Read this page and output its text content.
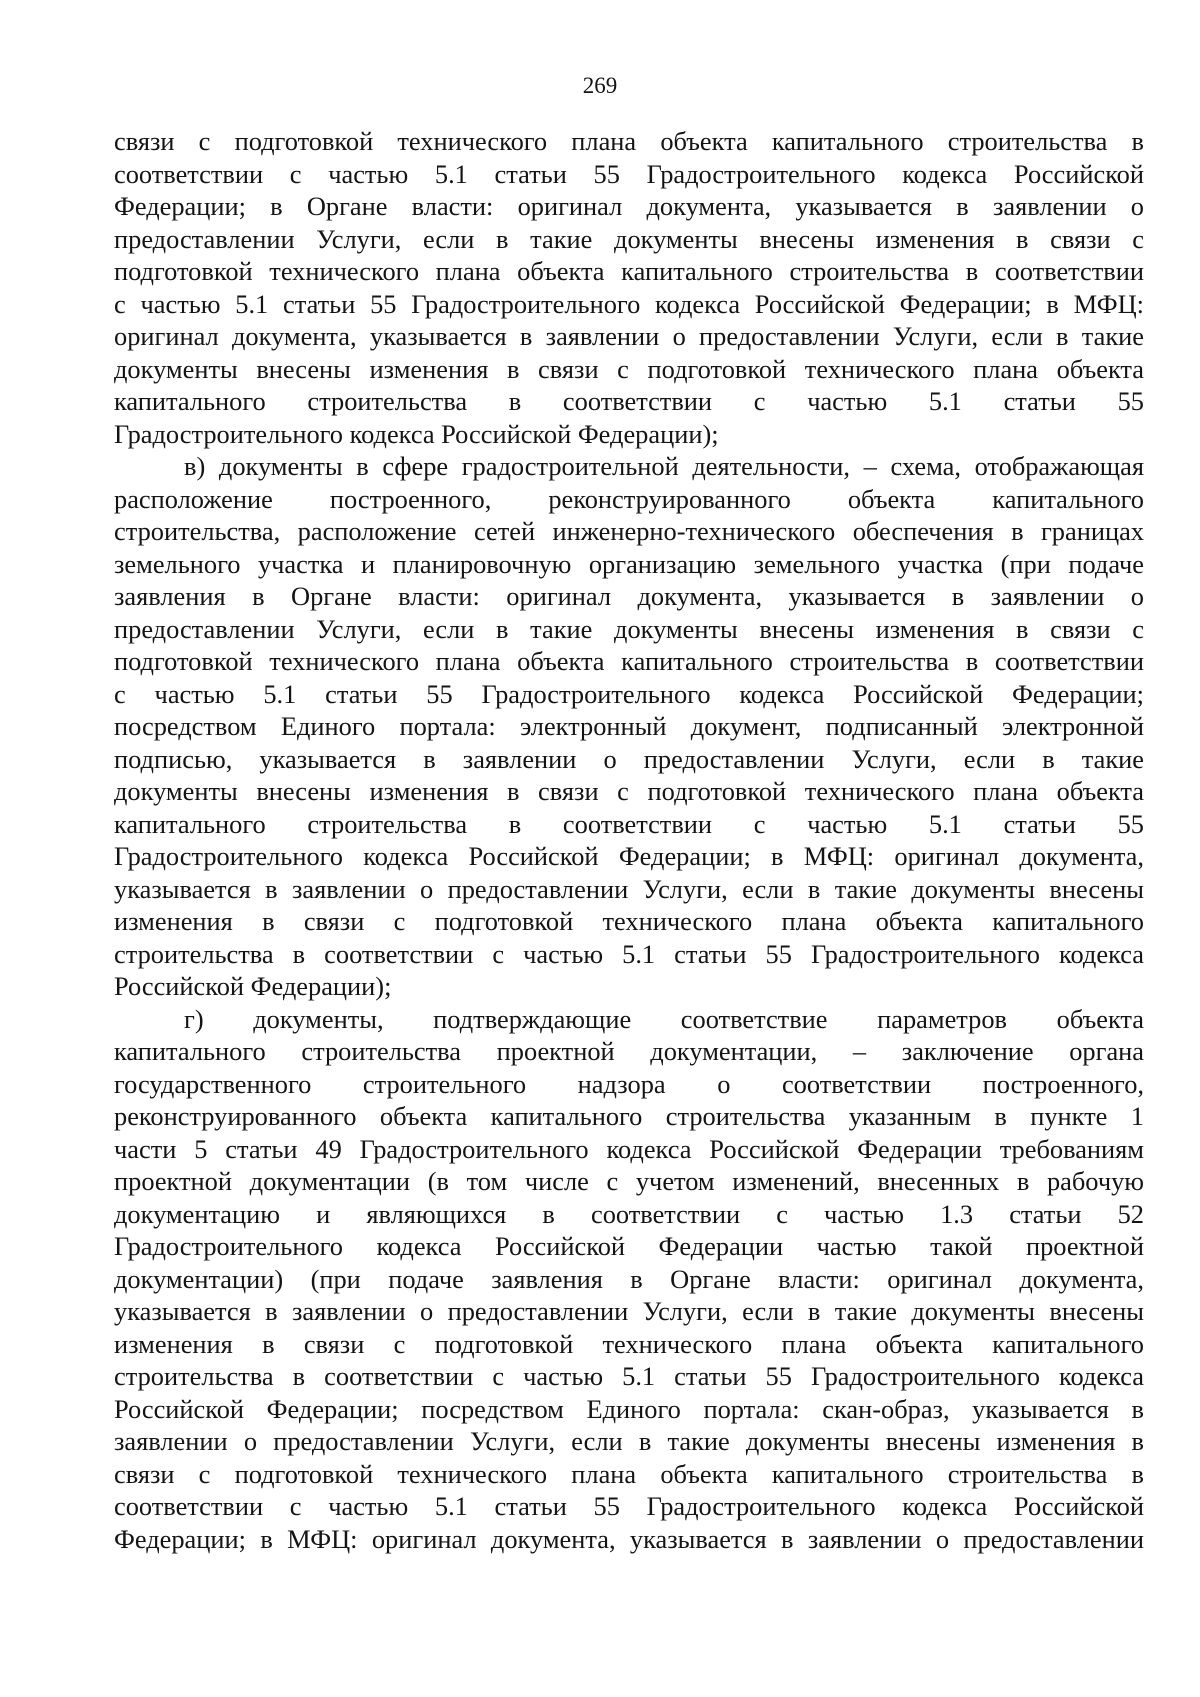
269
связи с подготовкой технического плана объекта капитального строительства в
соответствии с частью 5.1 статьи 55 Градостроительного кодекса Российской
Федерации; в Органе власти: оригинал документа, указывается в заявлении о
предоставлении Услуги, если в такие документы внесены изменения в связи с
подготовкой технического плана объекта капитального строительства в соответствии
с частью 5.1 статьи 55 Градостроительного кодекса Российской Федерации; в МФЦ:
оригинал документа, указывается в заявлении о предоставлении Услуги, если в такие
документы внесены изменения в связи с подготовкой технического плана объекта
капитального строительства в соответствии с частью 5.1 статьи 55
Градостроительного кодекса Российской Федерации);
в) документы в сфере градостроительной деятельности, – схема, отображающая
расположение построенного, реконструированного объекта капитального
строительства, расположение сетей инженерно-технического обеспечения в границах
земельного участка и планировочную организацию земельного участка (при подаче
заявления в Органе власти: оригинал документа, указывается в заявлении о
предоставлении Услуги, если в такие документы внесены изменения в связи с
подготовкой технического плана объекта капитального строительства в соответствии
с частью 5.1 статьи 55 Градостроительного кодекса Российской Федерации;
посредством Единого портала: электронный документ, подписанный электронной
подписью, указывается в заявлении о предоставлении Услуги, если в такие
документы внесены изменения в связи с подготовкой технического плана объекта
капитального строительства в соответствии с частью 5.1 статьи 55
Градостроительного кодекса Российской Федерации; в МФЦ: оригинал документа,
указывается в заявлении о предоставлении Услуги, если в такие документы внесены
изменения в связи с подготовкой технического плана объекта капитального
строительства в соответствии с частью 5.1 статьи 55 Градостроительного кодекса
Российской Федерации);
г) документы, подтверждающие соответствие параметров объекта
капитального строительства проектной документации, – заключение органа
государственного строительного надзора о соответствии построенного,
реконструированного объекта капитального строительства указанным в пункте 1
части 5 статьи 49 Градостроительного кодекса Российской Федерации требованиям
проектной документации (в том числе с учетом изменений, внесенных в рабочую
документацию и являющихся в соответствии с частью 1.3 статьи 52
Градостроительного кодекса Российской Федерации частью такой проектной
документации) (при подаче заявления в Органе власти: оригинал документа,
указывается в заявлении о предоставлении Услуги, если в такие документы внесены
изменения в связи с подготовкой технического плана объекта капитального
строительства в соответствии с частью 5.1 статьи 55 Градостроительного кодекса
Российской Федерации; посредством Единого портала: скан-образ, указывается в
заявлении о предоставлении Услуги, если в такие документы внесены изменения в
связи с подготовкой технического плана объекта капитального строительства в
соответствии с частью 5.1 статьи 55 Градостроительного кодекса Российской
Федерации; в МФЦ: оригинал документа, указывается в заявлении о предоставлении
